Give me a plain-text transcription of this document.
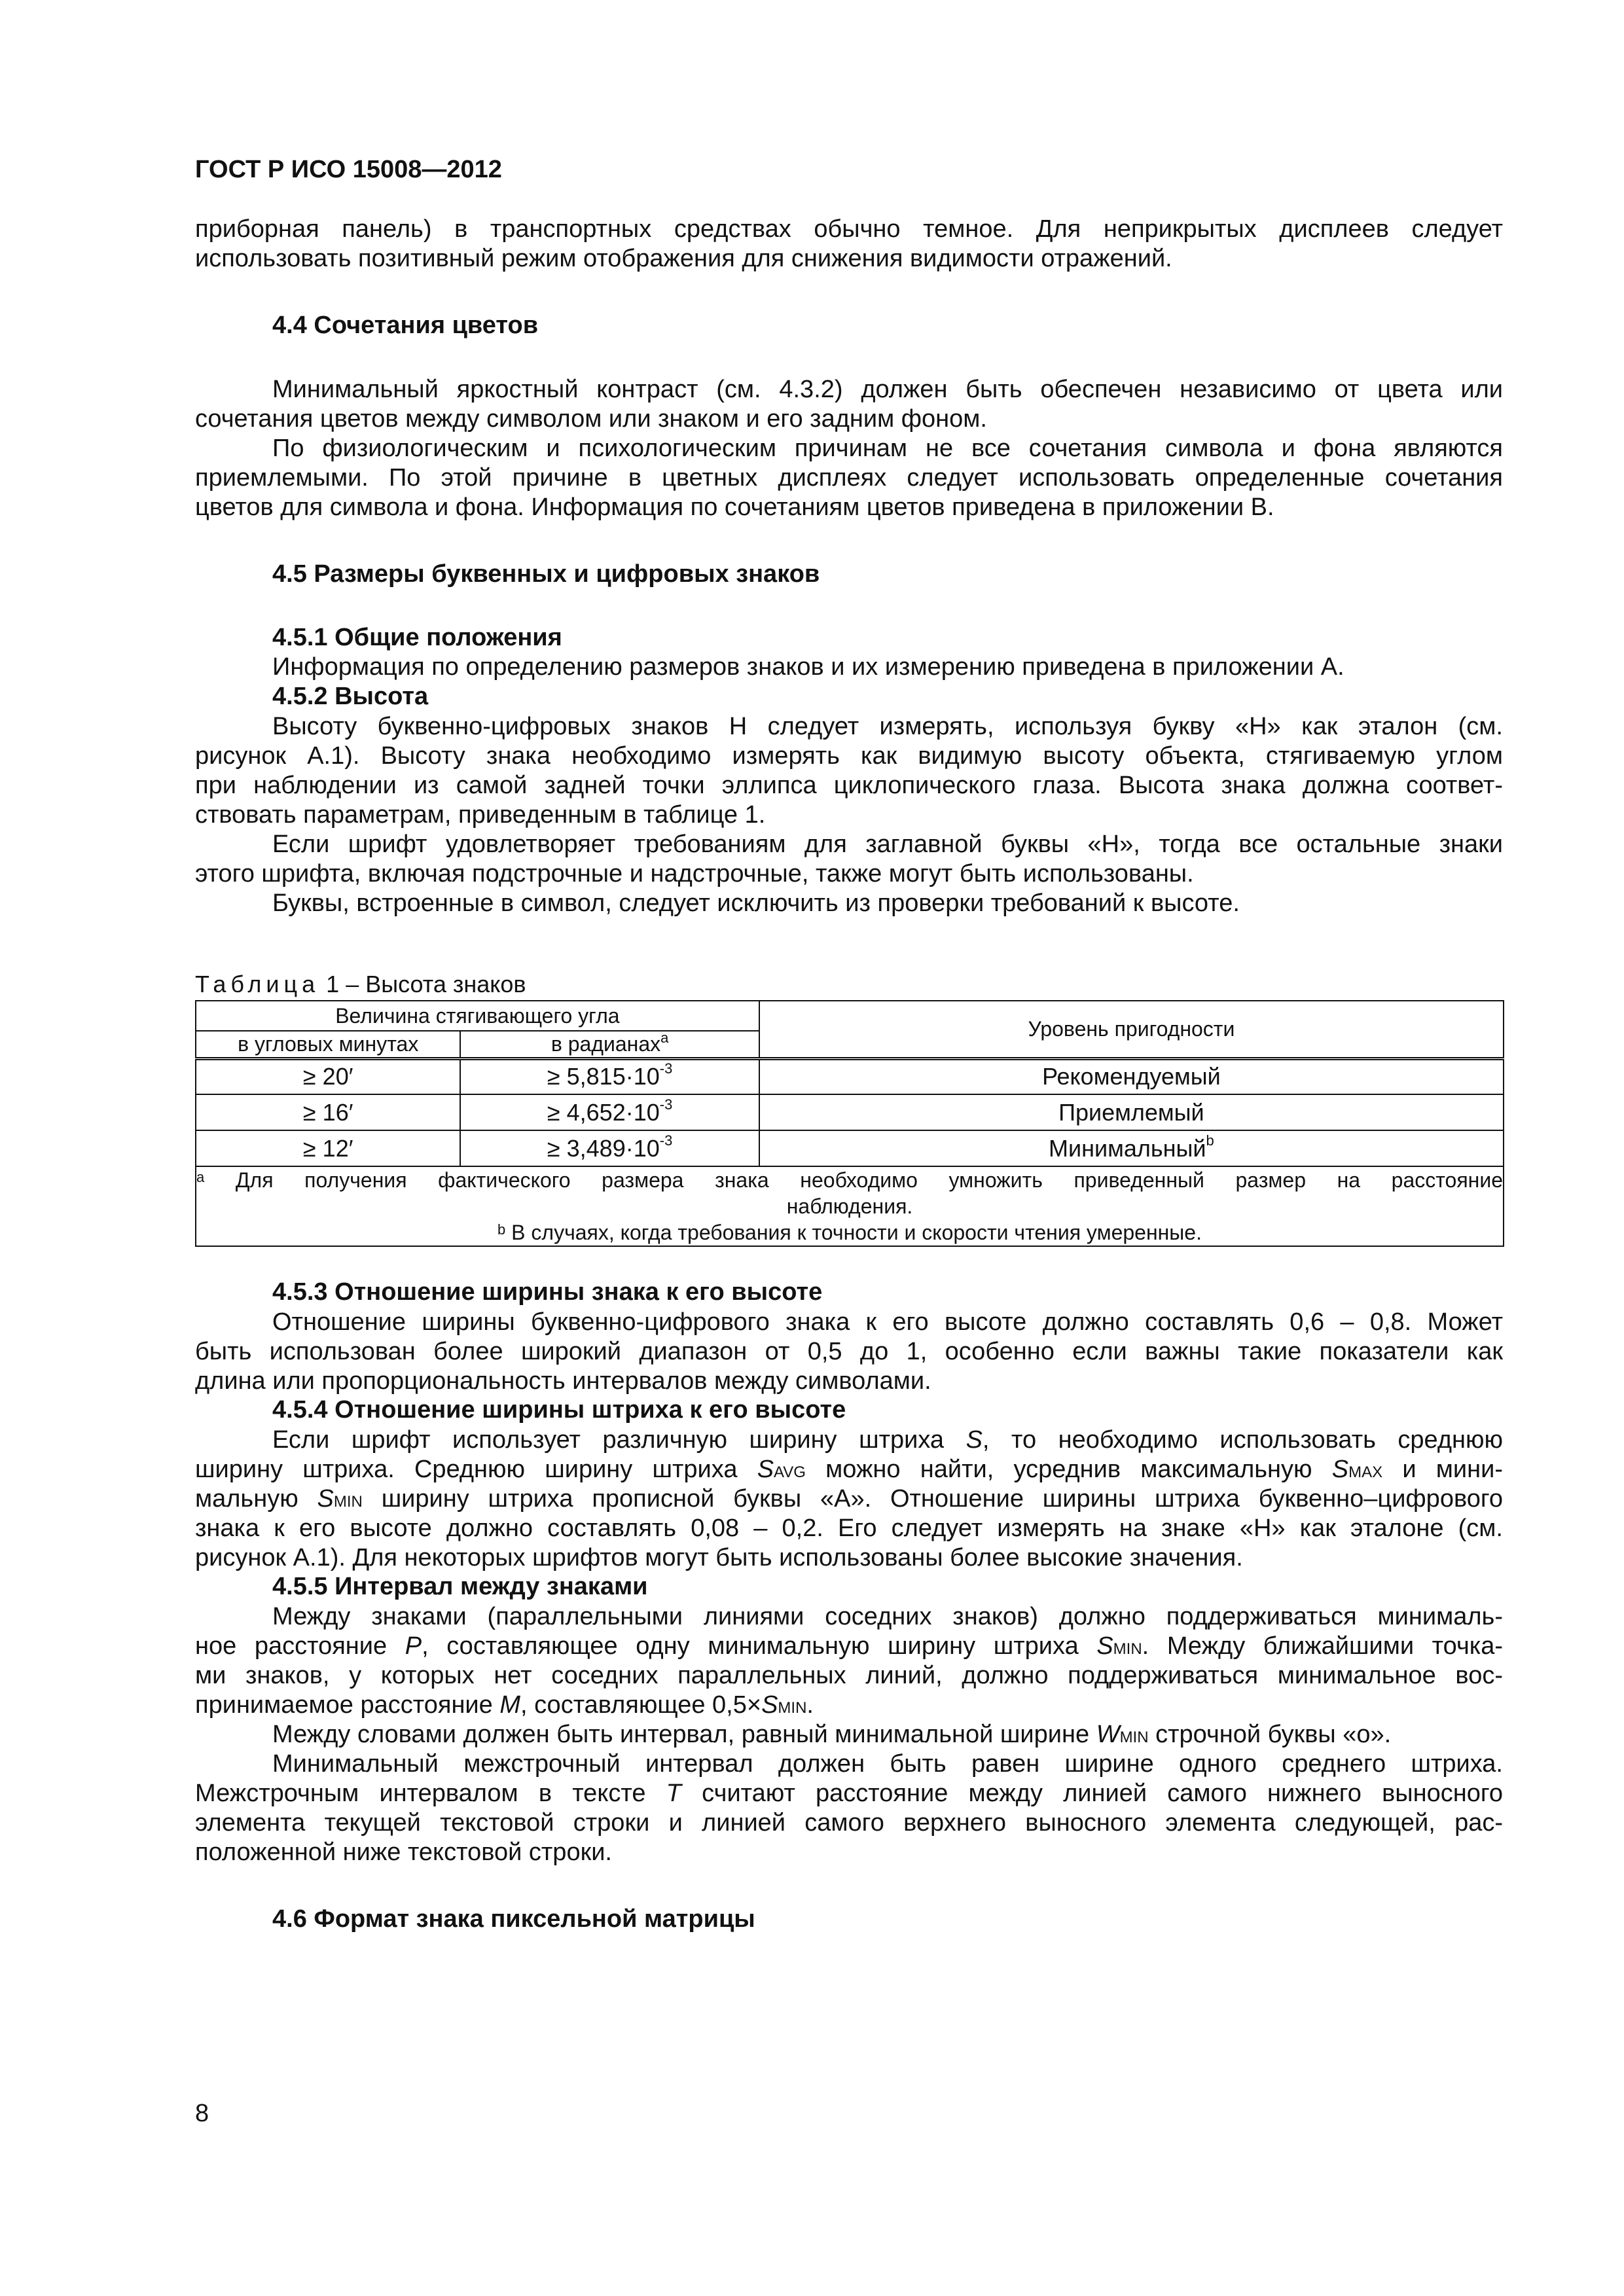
ГОСТ Р ИСО 15008—2012
приборная панель) в транспортных средствах обычно темное. Для неприкрытых дисплеев следует
использовать позитивный режим отображения для снижения видимости отражений.
4.4 Сочетания цветов
Минимальный яркостный контраст (см. 4.3.2) должен быть обеспечен независимо от цвета или
сочетания цветов между символом или знаком и его задним фоном.
По физиологическим и психологическим причинам не все сочетания символа и фона являются
приемлемыми. По этой причине в цветных дисплеях следует использовать определенные сочетания
цветов для символа и фона. Информация по сочетаниям цветов приведена в приложении В.
4.5 Размеры буквенных и цифровых знаков
4.5.1 Общие положения
Информация по определению размеров знаков и их измерению приведена в приложении А.
4.5.2 Высота
Высоту буквенно-цифровых знаков Н следует измерять, используя букву «Н» как эталон (см.
рисунок А.1). Высоту знака необходимо измерять как видимую высоту объекта, стягиваемую углом
при наблюдении из самой задней точки эллипса циклопического глаза. Высота знака должна соответ-
ствовать параметрам, приведенным в таблице 1.
Если шрифт удовлетворяет требованиям для заглавной буквы «Н», тогда все остальные знаки
этого шрифта, включая подстрочные и надстрочные, также могут быть использованы.
Буквы, встроенные в символ, следует исключить из проверки требований к высоте.
Таблица 1 – Высота знаков
Величина стягивающего угла		Уровень пригодности
в угловых минутах	в радианах$^a$
≥ 20′	≥ $5,815\cdot 10^{-3}$	Рекомендуемый
≥ 16′	≥ $4,652\cdot 10^{-3}$	Приемлемый
≥ 12′	≥ $3,489\cdot 10^{-3}$	Минимальный$^b$

$^a$ Для получения фактического размера знака необходимо умножить приведенный размер на расстояние
наблюдения.
$^b$ В случаях, когда требования к точности и скорости чтения умеренные.		
4.5.3 Отношение ширины знака к его высоте
Отношение ширины буквенно-цифрового знака к его высоте должно составлять 0,6 – 0,8. Может
быть использован более широкий диапазон от 0,5 до 1, особенно если важны такие показатели как
длина или пропорциональность интервалов между символами.
4.5.4 Отношение ширины штриха к его высоте
Если шрифт использует различную ширину штриха S, то необходимо использовать среднюю
ширину штриха. Среднюю ширину штриха SAVG можно найти, усреднив максимальную SMAX и мини-
мальную SMIN ширину штриха прописной буквы «А». Отношение ширины штриха буквенно–цифрового
знака к его высоте должно составлять 0,08 – 0,2. Его следует измерять на знаке «Н» как эталоне (см.
рисунок А.1). Для некоторых шрифтов могут быть использованы более высокие значения.
4.5.5 Интервал между знаками
Между знаками (параллельными линиями соседних знаков) должно поддерживаться минималь-
ное расстояние P, составляющее одну минимальную ширину штриха SMIN. Между ближайшими точка-
ми знаков, у которых нет соседних параллельных линий, должно поддерживаться минимальное вос-
принимаемое расстояние M, составляющее 0,5×SMIN.
Между словами должен быть интервал, равный минимальной ширине WMIN строчной буквы «о».
Минимальный межстрочный интервал должен быть равен ширине одного среднего штриха.
Межстрочным интервалом в тексте T считают расстояние между линией самого нижнего выносного
элемента текущей текстовой строки и линией самого верхнего выносного элемента следующей, рас-
положенной ниже текстовой строки.
4.6 Формат знака пиксельной матрицы
8
